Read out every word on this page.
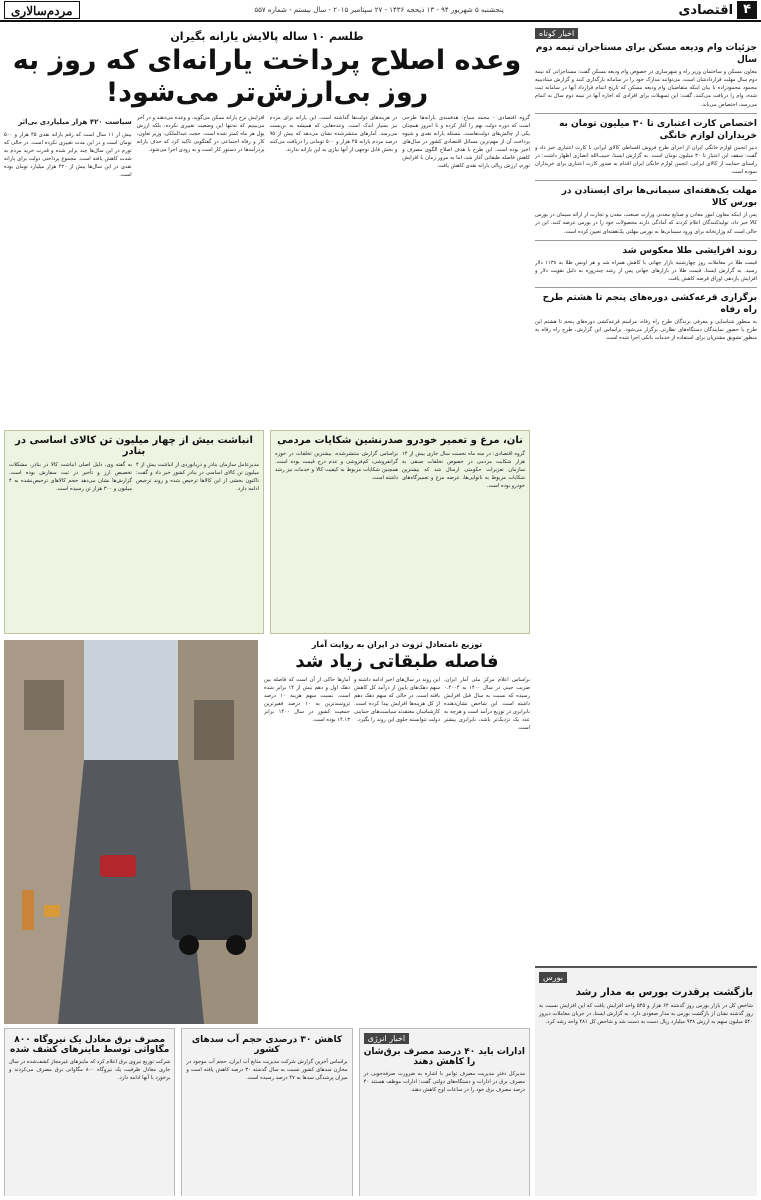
۴
اقتصادی
پنجشنبه ۵ شهریور ۹۴ - ۱۳ ذیحجه ۱۴۳۶ - ۲۷ سپتامبر ۲۰۱۵ - سال بیستم - شماره ۵۵۷
مردم‌سالاری
اخبار کوتاه
جزئیات وام ودیعه مسکن برای مستاجران تیمه دوم سال

معاون مسکن و ساختمان وزیر راه و شهرسازی در خصوص وام ودیعه مسکن گفت: مستاجرانی که نیمه دوم سال مهلت قراردادشان است، می‌توانند مدارک خود را در سامانه بارگذاری کنند و گزارش ستادیبیه محمود محمودزاده با بیان اینکه متقاضیان وام ودیعه مسکن که تاریخ اتمام قرارداد آنها در سامانه ثبت شده، وام را دریافت می‌کنند، گفت: این تسهیلات برای افرادی که اجاره آنها در نیمه دوم سال به اتمام می‌رسد، اختصاص می‌یابد.

اختصاص کارت اعتباری تا ۳۰ میلیون تومان به خریداران لوازم خانگی

دبیر انجمن لوازم خانگی ایران از اجرای طرح فروش اقساطی کالای ایرانی با کارت اعتباری خبر داد و گفت: سقف این اعتبار تا ۳۰ میلیون تومان است. به گزارش ایسنا، حبیب‌الله انصاری اظهار داشت: در راستای حمایت از کالای ایرانی، انجمن لوازم خانگی ایران اقدام به صدور کارت اعتباری برای خریداران نموده است.

مهلت یک‌هفته‌ای سیمانی‌ها برای ایستادن در بورس کالا

پس از اینکه معاون امور معادن و صنایع معدنی وزارت صنعت، معدن و تجارت از ارائه سیمان در بورس کالا خبر داد، تولیدکنندگان اعلام کردند که آمادگی دارند محصولات خود را در بورس عرضه کنند. این در حالی است که وزارتخانه برای ورود سیمانی‌ها به بورس مهلتی یک‌هفته‌ای تعیین کرده است.

روند افزایشی طلا معکوس شد

قیمت طلا در معاملات روز چهارشنبه بازار جهانی با کاهش همراه شد و هر اونس طلا به ۱۱۳۸ دلار رسید. به گزارش ایسنا، قیمت طلا در بازارهای جهانی پس از رشد چندروزه به دلیل تقویت دلار و افزایش بازدهی اوراق قرضه کاهش یافت.

برگزاری قرعه‌کشی دوره‌های پنجم تا هشتم طرح راه رفاه

به منظور شناسایی و معرفی برندگان طرح راه رفاه، مراسم قرعه‌کشی دوره‌های پنجم تا هشتم این طرح با حضور نمایندگان دستگاه‌های نظارتی برگزار می‌شود. براساس این گزارش، طرح راه رفاه به منظور تشویق مشتریان برای استفاده از خدمات بانکی اجرا شده است.

بورس
بازگشت پرقدرت بورس به مدار رشد

شاخص کل در بازار بورس روز گذشته ۶۴ هزار و ۵۴۵ واحد افزایش یافت که این افزایش نسبت به روز گذشته نشان از بازگشت بورس به مدار صعودی دارد. به گزارش ایسنا، در جریان معاملات دیروز ۵۴۰ میلیون سهم به ارزش ۹۳۸ میلیارد ریال دست به دست شد و شاخص کل ۴۸۱ واحد رشد کرد.

طلسم ۱۰ ساله پالایش یارانه بگیران
وعده اصلاح پرداخت یارانه‌ای که روز به روز بی‌ارزش‌تر می‌شود!

گروه اقتصادی - محمد سیاح: هدفمندی یارانه‌ها طرحی است که دوره دولت نهم را آغاز کرده و تا امروز همچنان یکی از چالش‌های دولت‌هاست. مسئله یارانه نقدی و شیوه پرداخت آن از مهم‌ترین مسائل اقتصادی کشور در سال‌های اخیر بوده است. این طرح با هدف اصلاح الگوی مصرف و کاهش فاصله طبقاتی آغاز شد، اما به مرور زمان با افزایش تورم، ارزش ریالی یارانه نقدی کاهش یافت.

در هزینه‌های دولت‌ها گذاشته است. این یارانه برای مردم نیز بسیار اندک است. وعده‌هایی که همیشه به بن‌بست می‌رسد. آمارهای منتشرشده نشان می‌دهد که بیش از ۹۵ درصد مردم یارانه ۴۵ هزار و ۵۰۰ تومانی را دریافت می‌کنند و بخش قابل توجهی از آنها نیازی به این یارانه ندارند.

افزایش نرخ یارانه ممکن می‌گوید. و وعده می‌دهند و در آخر می‌بینیم که نه‌تنها این وضعیت تغییری نکرده، بلکه ارزش پول هر ماه کمتر شده است. حجت عبدالملکی، وزیر تعاون، کار و رفاه اجتماعی در گفتگویی تاکید کرد که حذف یارانه پردرآمدها در دستور کار است و به زودی اجرا می‌شود.

سیاست ۴۲۰ هزار میلیاردی بی‌اثر

بیش از ۱۱ سال است که رقم یارانه نقدی ۴۵ هزار و ۵۰۰ تومان است و در این مدت تغییری نکرده است. در حالی که تورم در این سال‌ها چند برابر شده و قدرت خرید مردم به شدت کاهش یافته است. مجموع پرداختی دولت برای یارانه نقدی در این سال‌ها بیش از ۴۲۰ هزار میلیارد تومان بوده است.

نان، مرغ و تعمیر خودرو صدرنشین شکایات مردمی

گروه اقتصادی: در سه ماه نخست سال جاری بیش از ۱۴ هزار شکایت مردمی در خصوص تخلفات صنفی به سازمان تعزیرات حکومتی ارسال شد که بیشترین شکایات مربوط به نانوایی‌ها، عرضه مرغ و تعمیرگاه‌های خودرو بوده است.

براساس گزارش منتشرشده، بیشترین تخلفات در حوزه گرانفروشی، کم‌فروشی و عدم درج قیمت بوده است. همچنین شکایات مربوط به کیفیت کالا و خدمات نیز رشد داشته است.

انباشت بیش از چهار میلیون تن کالای اساسی در بنادر

مدیرعامل سازمان بنادر و دریانوردی از انباشت بیش از ۴ میلیون تن کالای اساسی در بنادر کشور خبر داد و گفت: تاکنون بخشی از این کالاها ترخیص شده و روند ترخیص ادامه دارد.

به گفته وی، دلیل اصلی انباشت کالا در بنادر، مشکلات تخصیص ارز و تأخیر در ثبت سفارش بوده است. گزارش‌ها نشان می‌دهد حجم کالاهای ترخیص‌نشده به ۴ میلیون و ۳۰۰ هزار تن رسیده است.

توزیع نامتعادل ثروت در ایران به روایت آمار
فاصله طبقاتی زیاد شد

براساس اعلام مرکز ملی آمار ایران، ضریب جینی در سال ۱۴۰۰ به ۰.۴۰۰۴ رسیده که نسبت به سال قبل افزایش داشته است. این شاخص نشان‌دهنده نابرابری در توزیع درآمد است و هرچه به عدد یک نزدیک‌تر باشد، نابرابری بیشتر است.

این روند در سال‌های اخیر ادامه داشته و سهم دهک‌های پایین از درآمد کل کاهش یافته است. در حالی که سهم دهک دهم از کل هزینه‌ها افزایش پیدا کرده است. کارشناسان معتقدند سیاست‌های حمایتی دولت نتوانسته جلوی این روند را بگیرد.

آمارها حاکی از آن است که فاصله بین دهک اول و دهم بیش از ۱۴ برابر شده است. نسبت سهم هزینه ۱۰ درصد ثروتمندترین به ۱۰ درصد فقیرترین جمعیت کشور در سال ۱۴۰۰ برابر ۱۴.۱۳ بوده است.

اخبار انرژی
ادارات باید ۴۰ درصد مصرف برق‌شان را کاهش دهند

مدیرکل دفتر مدیریت مصرف توانیر با اشاره به ضرورت صرفه‌جویی در مصرف برق در ادارات و دستگاه‌های دولتی گفت: ادارات موظف هستند ۴۰ درصد مصرف برق خود را در ساعات اوج کاهش دهند.

کاهش ۳۰ درصدی حجم آب سدهای کشور

براساس آخرین گزارش شرکت مدیریت منابع آب ایران، حجم آب موجود در مخازن سدهای کشور نسبت به سال گذشته ۳۰ درصد کاهش یافته است و میزان پرشدگی سدها به ۴۷ درصد رسیده است.

مصرف برق معادل یک نیروگاه ۸۰۰ مگاواتی توسط ماینرهای کشف شده

شرکت توزیع نیروی برق اعلام کرد که ماینرهای غیرمجاز کشف‌شده در سال جاری معادل ظرفیت یک نیروگاه ۸۰۰ مگاواتی برق مصرف می‌کردند و برخورد با آنها ادامه دارد.
